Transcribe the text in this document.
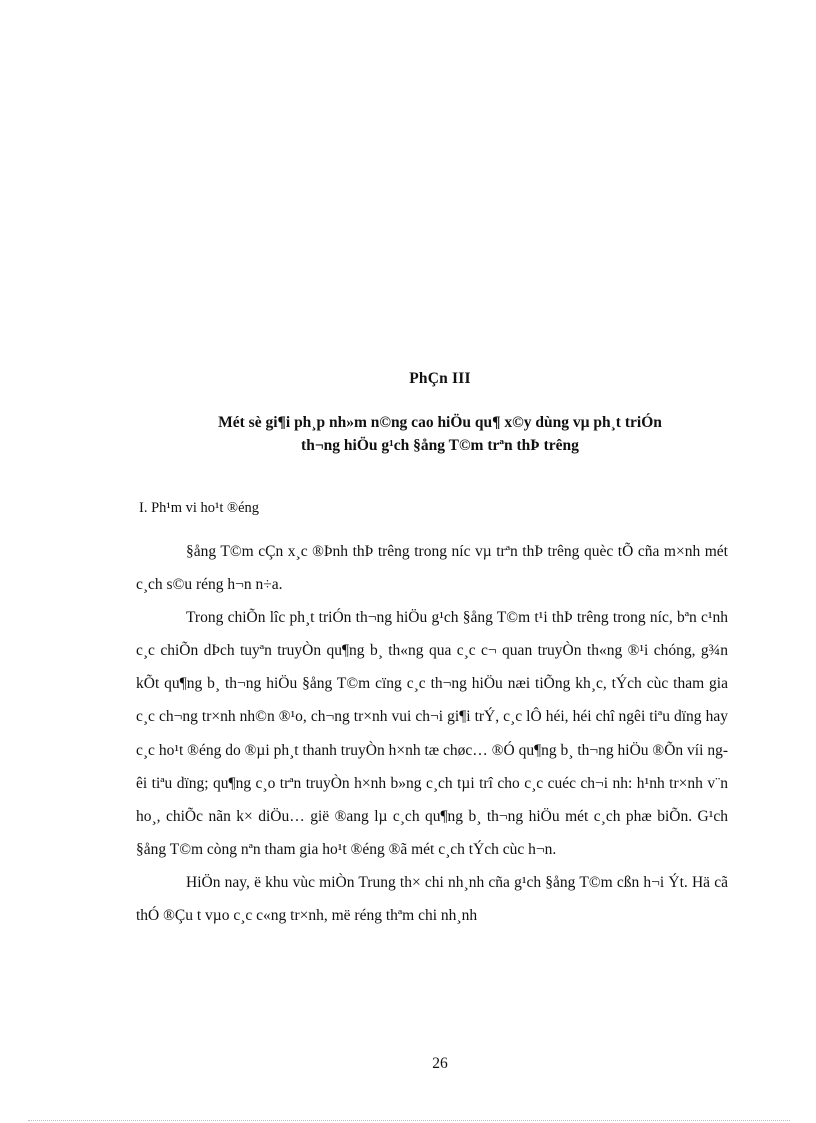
PhÇn III
Mét sè gi¶i ph¸p nh»m n©ng cao hiÖu qu¶ x©y dùng vµ ph¸t triÓn
th¬ng hiÖu g¹ch §ång T©m trªn thÞ trêng
I. Ph¹m vi ho¹t ®éng

§ång T©m cÇn x¸c ®Þnh thÞ trêng trong níc vµ trªn thÞ trêng quèc tÕ cña m×nh mét c¸ch s©u réng h¬n n÷a.

Trong chiÕn lîc ph¸t triÓn th¬ng hiÖu g¹ch §ång T©m t¹i thÞ trêng trong níc, bªn c¹nh c¸c chiÕn dÞch tuyªn truyÒn qu¶ng b¸ th«ng qua c¸c c¬ quan truyÒn th«ng ®¹i chóng, g¾n kÕt qu¶ng b¸ th¬ng hiÖu §ång T©m cïng c¸c th¬ng hiÖu næi tiÕng kh¸c, tÝch cùc tham gia c¸c ch¬ng tr×nh nh©n ®¹o, ch¬ng tr×nh vui ch¬i gi¶i trÝ, c¸c lÔ héi, héi chî ngêi tiªu dïng hay c¸c ho¹t ®éng do ®µi ph¸t thanh truyÒn h×nh tæ chøc… ®Ó qu¶ng b¸ th¬ng hiÖu ®Õn víi ngêi tiªu dïng; qu¶ng c¸o trªn truyÒn h×nh b»ng c¸ch tµi trî cho c¸c cuéc ch¬i nh: h¹nh tr×nh v¨n ho¸, chiÕc nãn k× diÖu… gië ®ang lµ c¸ch qu¶ng b¸ th¬ng hiÖu mét c¸ch phæ biÕn. G¹ch §ång T©m còng nªn tham gia ho¹t ®éng ®ã mét c¸ch tÝch cùc h¬n.

HiÖn nay, ë khu vùc miÒn Trung th× chi nh¸nh cña g¹ch §ång T©m cßn h¬i Ýt. Hä cã thÓ ®Çu t vµo c¸c c«ng tr×nh, më réng thªm chi nh¸nh

26
